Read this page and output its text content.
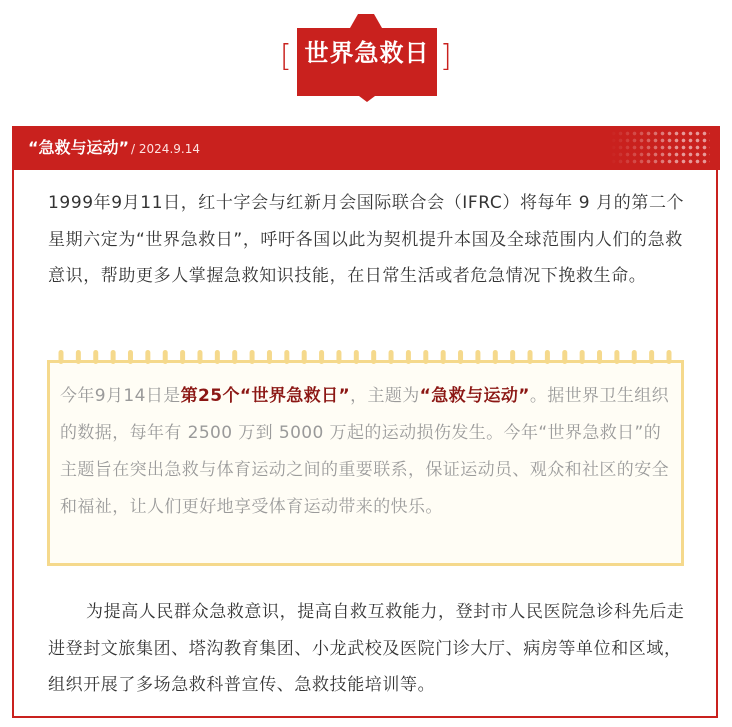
[	]
世界急救日
“急救与运动” / 2024.9.14

1999年9月11日，红十字会与红新月会国际联合会（IFRC）将每年 9 月的第二个星期六定为“世界急救日”，呼吁各国以此为契机提升本国及全球范围内人们的急救意识，帮助更多人掌握急救知识技能，在日常生活或者危急情况下挽救生命。

今年9月14日是第25个“世界急救日”，主题为“急救与运动”。据世界卫生组织的数据，每年有 2500 万到 5000 万起的运动损伤发生。今年“世界急救日”的主题旨在突出急救与体育运动之间的重要联系，保证运动员、观众和社区的安全和福祉，让人们更好地享受体育运动带来的快乐。

为提高人民群众急救意识，提高自救互救能力，登封市人民医院急诊科先后走进登封文旅集团、塔沟教育集团、小龙武校及医院门诊大厅、病房等单位和区域，组织开展了多场急救科普宣传、急救技能培训等。
